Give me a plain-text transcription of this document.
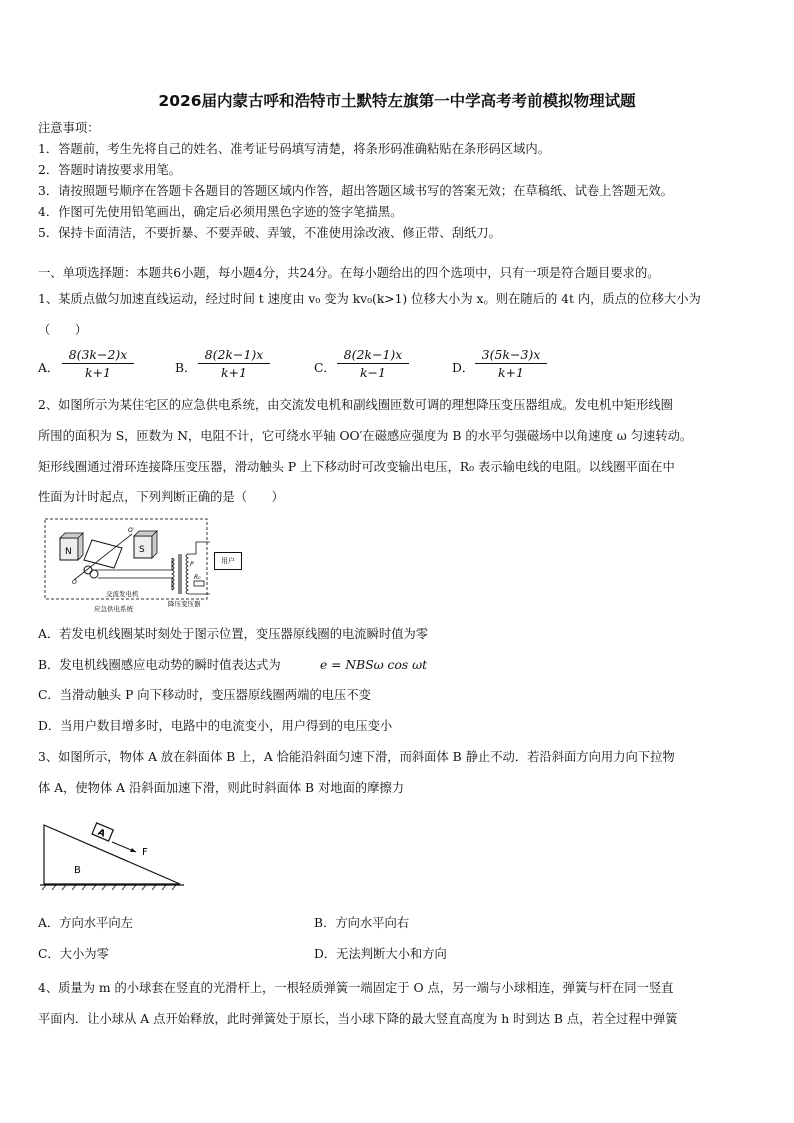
2026届内蒙古呼和浩特市土默特左旗第一中学高考考前模拟物理试题
注意事项：
1．答题前，考生先将自己的姓名、准考证号码填写清楚，将条形码准确粘贴在条形码区域内。
2．答题时请按要求用笔。
3．请按照题号顺序在答题卡各题目的答题区域内作答，超出答题区域书写的答案无效；在草稿纸、试卷上答题无效。
4．作图可先使用铅笔画出，确定后必须用黑色字迹的签字笔描黑。
5．保持卡面清洁，不要折暴、不要弄破、弄皱，不准使用涂改液、修正带、刮纸刀。
一、单项选择题：本题共6小题，每小题4分，共24分。在每小题给出的四个选项中，只有一项是符合题目要求的。
1、某质点做匀加速直线运动，经过时间 t 速度由 v₀ 变为 kv₀(k>1) 位移大小为 x。则在随后的 4t 内，质点的位移大小为
（　　）
A． $\frac{8(3k-2)x}{k+1}$	B． $\frac{8(2k-1)x}{k+1}$	C． $\frac{8(2k-1)x}{k-1}$	D． $\frac{3(5k-3)x}{k+1}$
2、如图所示为某住宅区的应急供电系统，由交流发电机和副线圈匝数可调的理想降压变压器组成。发电机中矩形线圈
所围的面积为 S，匝数为 N，电阻不计，它可绕水平轴 OO′在磁感应强度为 B 的水平匀强磁场中以角速度 ω 匀速转动。
矩形线圈通过滑环连接降压变压器，滑动触头 P 上下移动时可改变输出电压，R₀ 表示输电线的电阻。以线圈平面在中
性面为计时起点，下列判断正确的是（　　）
N	S
O
O′
P
R₀
交流发电机
降压变压器
应急供电系统
用户
A．若发电机线圈某时刻处于图示位置，变压器原线圈的电流瞬时值为零
B．发电机线圈感应电动势的瞬时值表达式为	e = NBSω cos ωt
C．当滑动触头 P 向下移动时，变压器原线圈两端的电压不变
D．当用户数目增多时，电路中的电流变小，用户得到的电压变小
3、如图所示，物体 A 放在斜面体 B 上，A 恰能沿斜面匀速下滑，而斜面体 B 静止不动．若沿斜面方向用力向下拉物
体 A，使物体 A 沿斜面加速下滑，则此时斜面体 B 对地面的摩擦力
A
F
B
A．方向水平向左	B．方向水平向右
C．大小为零	D．无法判断大小和方向
4、质量为 m 的小球套在竖直的光滑杆上，一根轻质弹簧一端固定于 O 点，另一端与小球相连，弹簧与杆在同一竖直
平面内．让小球从 A 点开始释放，此时弹簧处于原长，当小球下降的最大竖直高度为 h 时到达 B 点，若全过程中弹簧
